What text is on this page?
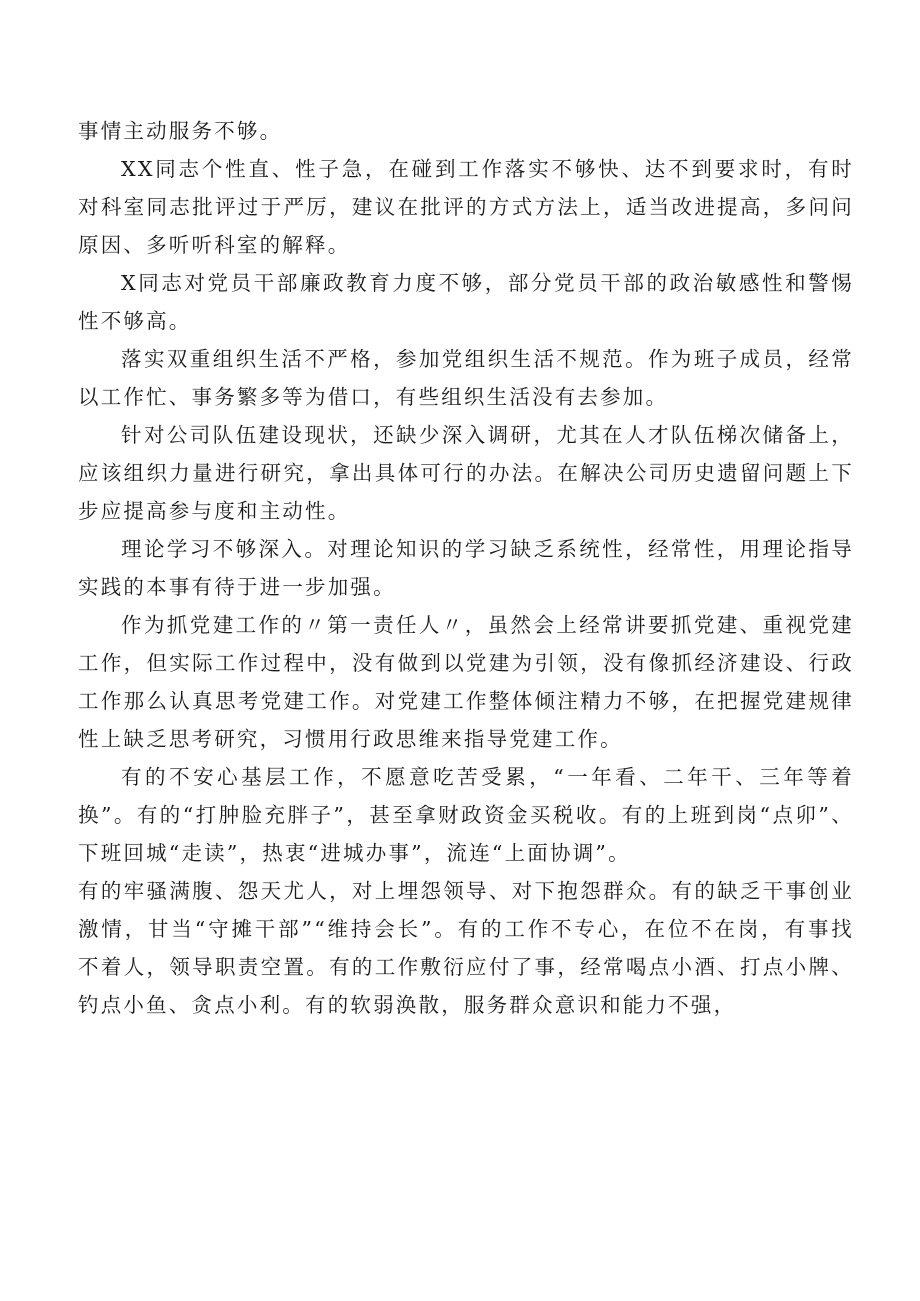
事情主动服务不够。

XX同志个性直、性子急，在碰到工作落实不够快、达不到要求时，有时对科室同志批评过于严厉，建议在批评的方式方法上，适当改进提高，多问问原因、多听听科室的解释。

X同志对党员干部廉政教育力度不够，部分党员干部的政治敏感性和警惕性不够高。

落实双重组织生活不严格，参加党组织生活不规范。作为班子成员，经常以工作忙、事务繁多等为借口，有些组织生活没有去参加。

针对公司队伍建设现状，还缺少深入调研，尤其在人才队伍梯次储备上，应该组织力量进行研究，拿出具体可行的办法。在解决公司历史遗留问题上下步应提高参与度和主动性。

理论学习不够深入。对理论知识的学习缺乏系统性，经常性，用理论指导实践的本事有待于进一步加强。

作为抓党建工作的〃第一责任人〃，虽然会上经常讲要抓党建、重视党建工作，但实际工作过程中，没有做到以党建为引领，没有像抓经济建设、行政工作那么认真思考党建工作。对党建工作整体倾注精力不够，在把握党建规律性上缺乏思考研究，习惯用行政思维来指导党建工作。

有的不安心基层工作，不愿意吃苦受累，“一年看、二年干、三年等着换”。有的“打肿脸充胖子”，甚至拿财政资金买税收。有的上班到岗“点卯”、下班回城“走读”，热衷“进城办事”，流连“上面协调”。

有的牢骚满腹、怨天尤人，对上埋怨领导、对下抱怨群众。有的缺乏干事创业激情，甘当“守摊干部”“维持会长”。有的工作不专心，在位不在岗，有事找不着人，领导职责空置。有的工作敷衍应付了事，经常喝点小酒、打点小牌、钓点小鱼、贪点小利。有的软弱涣散，服务群众意识和能力不强，
